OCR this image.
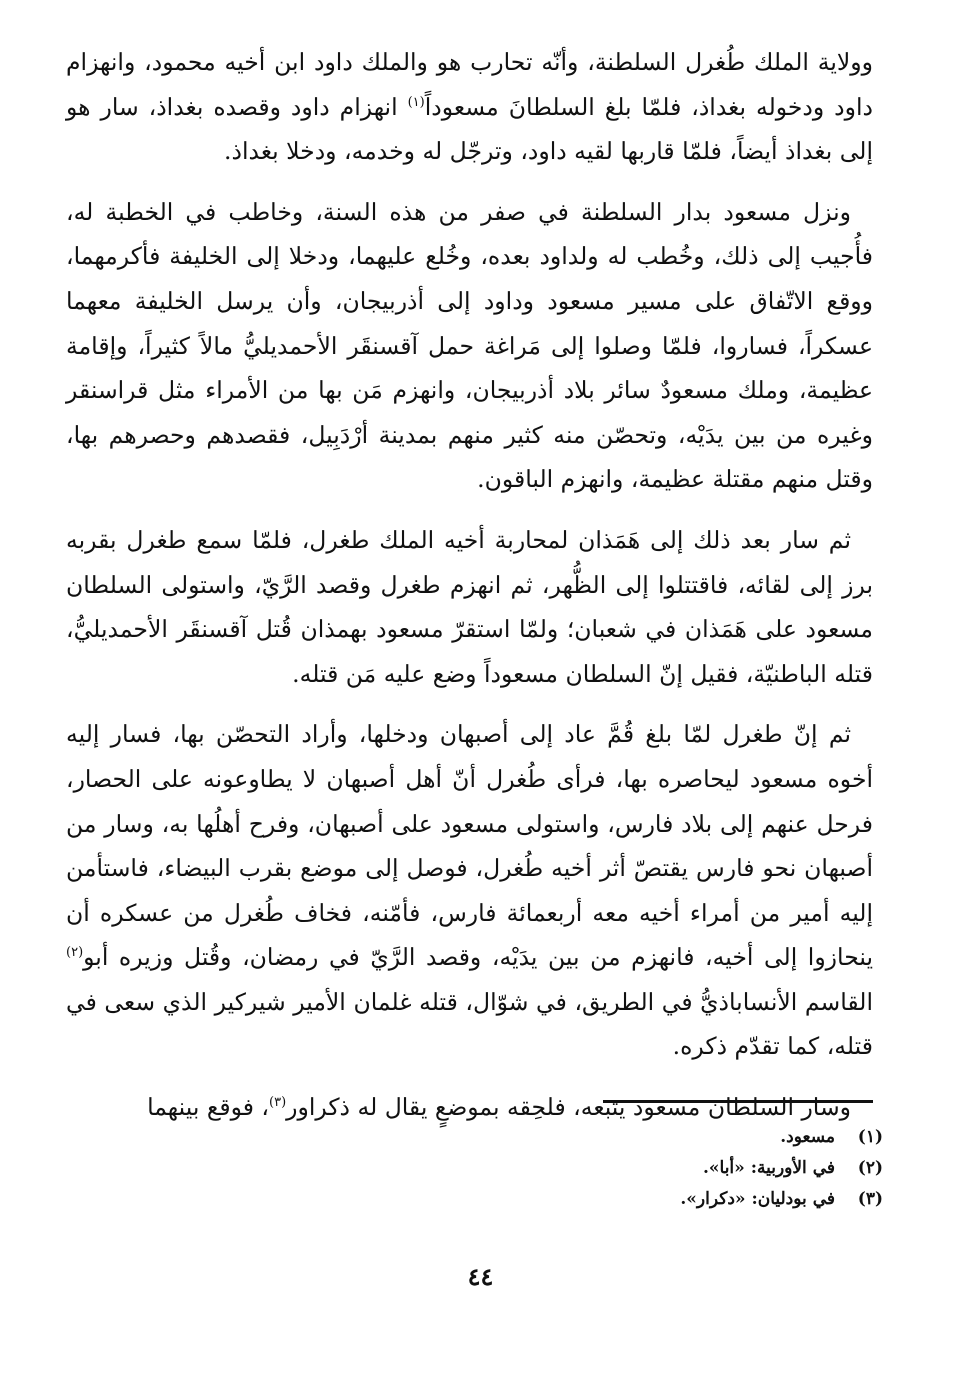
وولاية الملك طُغرل السلطنة، وأنّه تحارب هو والملك داود ابن أخيه محمود، وانهزام داود ودخوله بغداذ، فلمّا بلغ السلطانَ مسعوداً$^{(١)}$ انهزام داود وقصده بغداذ، سار هو إلى بغداذ أيضاً، فلمّا قاربها لقيه داود، وترجّل له وخدمه، ودخلا بغداذ.

ونزل مسعود بدار السلطنة في صفر من هذه السنة، وخاطب في الخطبة له، فأُجيب إلى ذلك، وخُطب له ولداود بعده، وخُلع عليهما، ودخلا إلى الخليفة فأكرمهما، ووقع الاتّفاق على مسير مسعود وداود إلى أذربيجان، وأن يرسل الخليفة معهما عسكراً، فساروا، فلمّا وصلوا إلى مَراغة حمل آقسنقَر الأحمديليُّ مالاً كثيراً، وإقامة عظيمة، وملك مسعودٌ سائر بلاد أذربيجان، وانهزم مَن بها من الأمراء مثل قراسنقر وغيره من بين يدَيْه، وتحصّن منه كثير منهم بمدينة أرْدَبِيل، فقصدهم وحصرهم بها، وقتل منهم مقتلة عظيمة، وانهزم الباقون.

ثم سار بعد ذلك إلى هَمَذان لمحاربة أخيه الملك طغرل، فلمّا سمع طغرل بقربه برز إلى لقائه، فاقتتلوا إلى الظُّهر، ثم انهزم طغرل وقصد الرَّيّ، واستولى السلطان مسعود على هَمَذان في شعبان؛ ولمّا استقرّ مسعود بهمذان قُتل آقسنقَر الأحمديليُّ، قتله الباطنيّة، فقيل إنّ السلطان مسعوداً وضع عليه مَن قتله.

ثم إنّ طغرل لمّا بلغ قُمَّ عاد إلى أصبهان ودخلها، وأراد التحصّن بها، فسار إليه أخوه مسعود ليحاصره بها، فرأى طُغرل أنّ أهل أصبهان لا يطاوعونه على الحصار، فرحل عنهم إلى بلاد فارس، واستولى مسعود على أصبهان، وفرح أهلُها به، وسار من أصبهان نحو فارس يقتصّ أثر أخيه طُغرل، فوصل إلى موضع بقرب البيضاء، فاستأمن إليه أمير من أمراء أخيه معه أربعمائة فارس، فأمّنه، فخاف طُغرل من عسكره أن ينحازوا إلى أخيه، فانهزم من بين يدَيْه، وقصد الرَّيّ في رمضان، وقُتل وزيره أبو$^{(٢)}$ القاسم الأنساباذيُّ في الطريق، في شوّال، قتله غلمان الأمير شيركير الذي سعى في قتله، كما تقدّم ذكره.

وسار السلطان مسعود يتبعه، فلحِقه بموضعٍ يقال له ذكراور$^{(٣)}$، فوقع بينهما

(١)
مسعود.
(٢)
في الأوربية: «أبا».
(٣)
في بودليان: «دكرار».
٤٤
